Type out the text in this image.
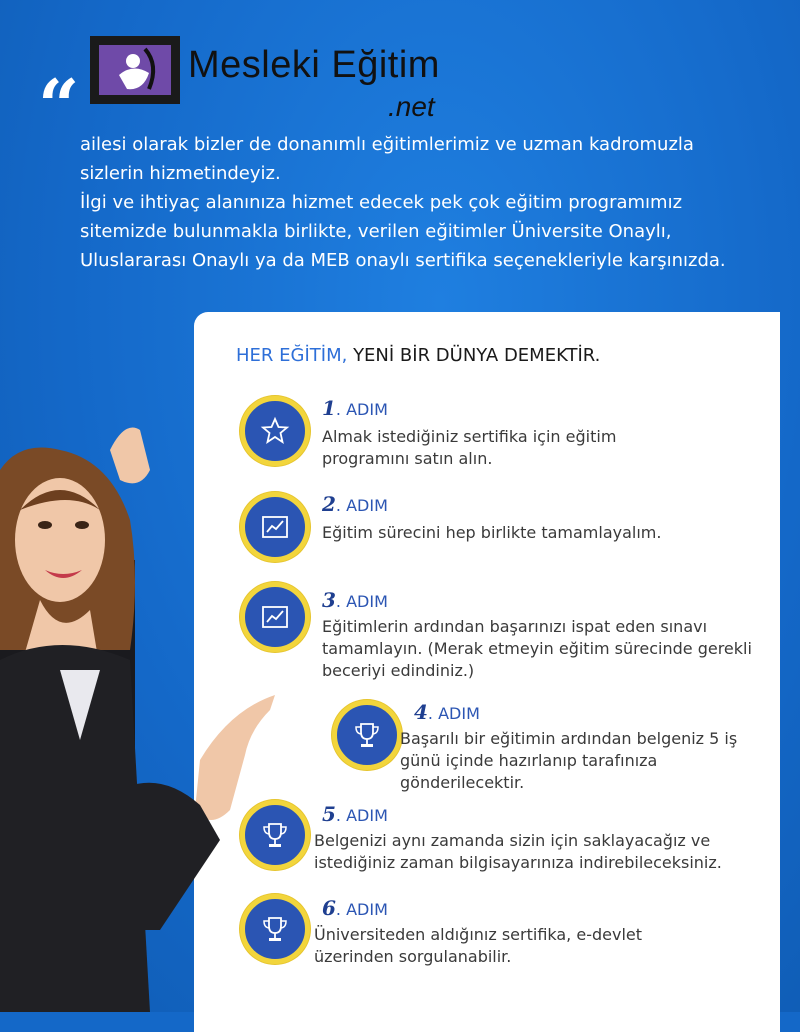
“	Mesleki Eğitim
.net

ailesi olarak bizler de donanımlı eğitimlerimiz ve uzman kadromuzla sizlerin hizmetindeyiz.

İlgi ve ihtiyaç alanınıza hizmet edecek pek çok eğitim programımız sitemizde bulunmakla birlikte, verilen eğitimler Üniversite Onaylı, Uluslararası Onaylı ya da MEB onaylı sertifika seçenekleriyle karşınızda.

HER EĞİTİM, YENİ BİR DÜNYA DEMEKTİR.
1. ADIM
Almak istediğiniz sertifika için eğitim programını satın alın.
2. ADIM
Eğitim sürecini hep birlikte tamamlayalım.
3. ADIM
Eğitimlerin ardından başarınızı ispat eden sınavı tamamlayın. (Merak etmeyin eğitim sürecinde gerekli beceriyi edindiniz.)
4. ADIM
Başarılı bir eğitimin ardından belgeniz 5 iş günü içinde hazırlanıp tarafınıza gönderilecektir.
5. ADIM
Belgenizi aynı zamanda sizin için saklayacağız ve istediğiniz zaman bilgisayarınıza indirebileceksiniz.
6. ADIM
Üniversiteden aldığınız sertifika, e-devlet üzerinden sorgulanabilir.
